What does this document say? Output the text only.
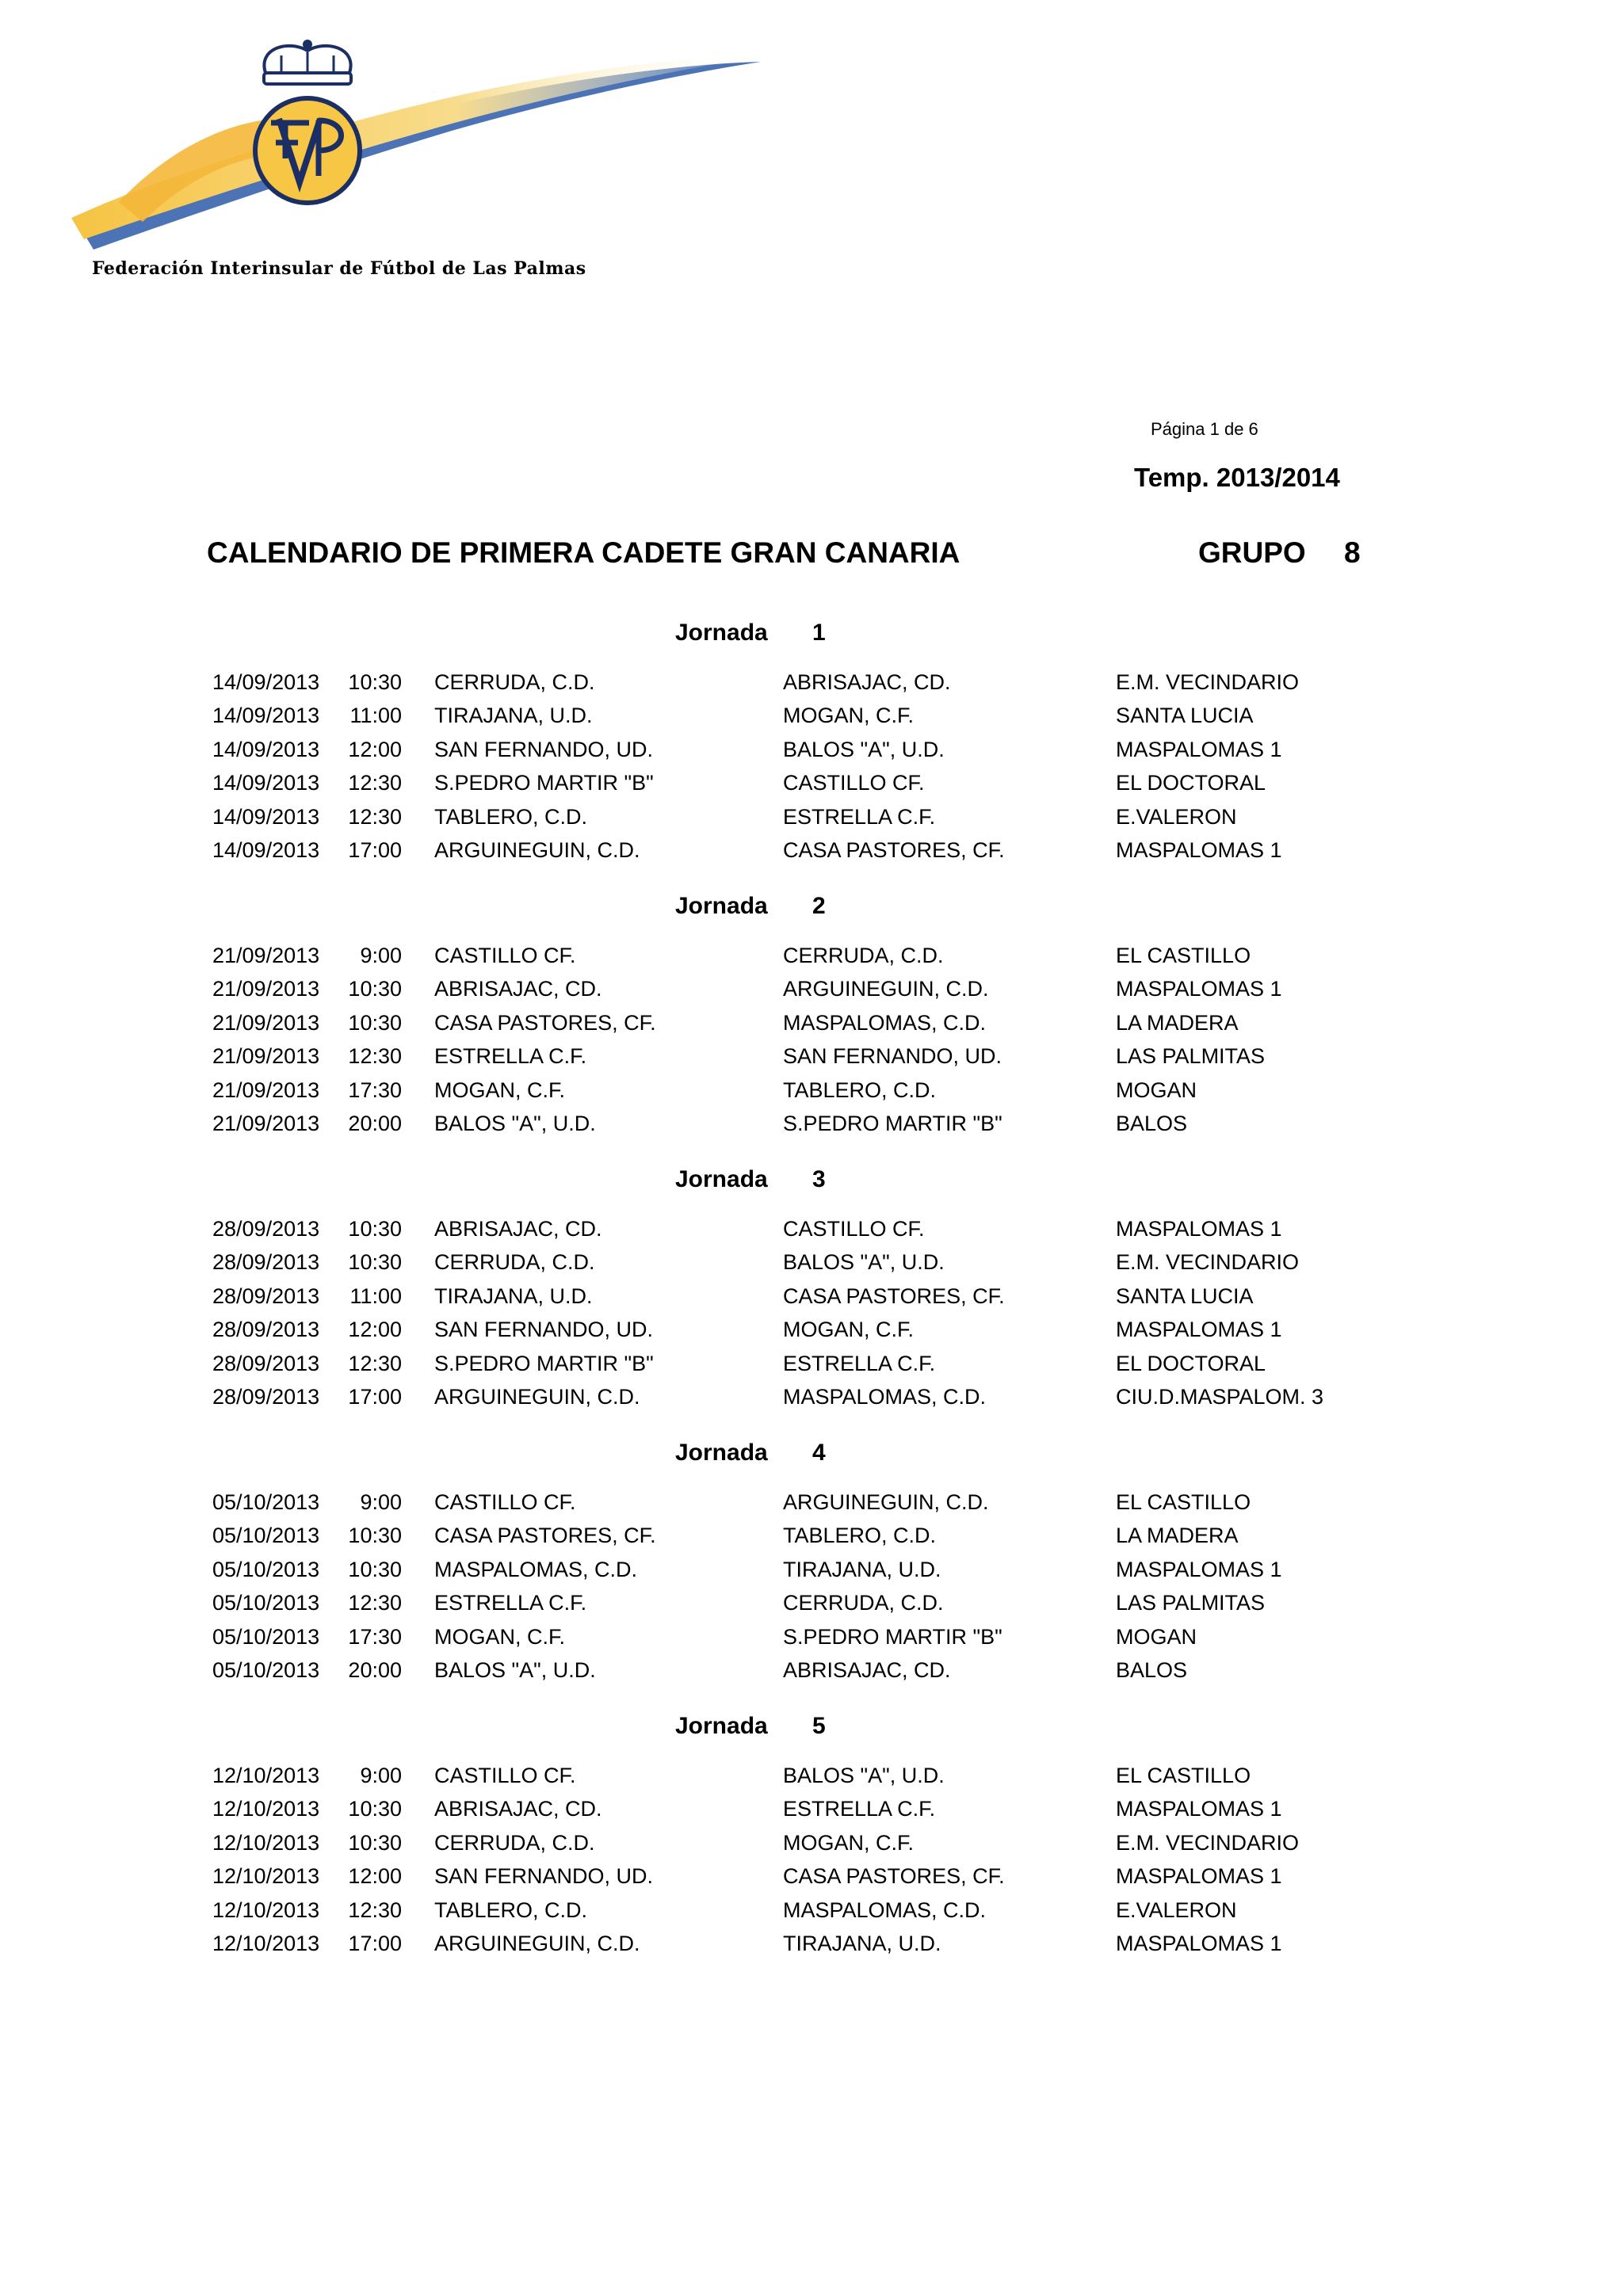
Federación Interinsular de Fútbol de Las Palmas
Página 1 de 6
Temp. 2013/2014
CALENDARIO DE PRIMERA CADETE GRAN CANARIA	GRUPO 8
Jornada 1
14/09/2013	10:30 CERRUDA, C.D.	ABRISAJAC, CD.	E.M. VECINDARIO
14/09/2013	11:00 TIRAJANA, U.D.	MOGAN, C.F.	SANTA LUCIA
14/09/2013	12:00 SAN FERNANDO, UD.	BALOS "A", U.D.	MASPALOMAS 1
14/09/2013	12:30 S.PEDRO MARTIR "B"	CASTILLO CF.	EL DOCTORAL
14/09/2013	12:30 TABLERO, C.D.	ESTRELLA C.F.	E.VALERON
14/09/2013	17:00 ARGUINEGUIN, C.D.	CASA PASTORES, CF.	MASPALOMAS 1
Jornada 2
21/09/2013	9:00 CASTILLO CF.	CERRUDA, C.D.	EL CASTILLO
21/09/2013	10:30 ABRISAJAC, CD.	ARGUINEGUIN, C.D.	MASPALOMAS 1
21/09/2013	10:30 CASA PASTORES, CF.	MASPALOMAS, C.D.	LA MADERA
21/09/2013	12:30 ESTRELLA C.F.	SAN FERNANDO, UD.	LAS PALMITAS
21/09/2013	17:30 MOGAN, C.F.	TABLERO, C.D.	MOGAN
21/09/2013	20:00 BALOS "A", U.D.	S.PEDRO MARTIR "B"	BALOS
Jornada 3
28/09/2013	10:30 ABRISAJAC, CD.	CASTILLO CF.	MASPALOMAS 1
28/09/2013	10:30 CERRUDA, C.D.	BALOS "A", U.D.	E.M. VECINDARIO
28/09/2013	11:00 TIRAJANA, U.D.	CASA PASTORES, CF.	SANTA LUCIA
28/09/2013	12:00 SAN FERNANDO, UD.	MOGAN, C.F.	MASPALOMAS 1
28/09/2013	12:30 S.PEDRO MARTIR "B"	ESTRELLA C.F.	EL DOCTORAL
28/09/2013	17:00 ARGUINEGUIN, C.D.	MASPALOMAS, C.D.	CIU.D.MASPALOM. 3
Jornada 4
05/10/2013	9:00 CASTILLO CF.	ARGUINEGUIN, C.D.	EL CASTILLO
05/10/2013	10:30 CASA PASTORES, CF.	TABLERO, C.D.	LA MADERA
05/10/2013	10:30 MASPALOMAS, C.D.	TIRAJANA, U.D.	MASPALOMAS 1
05/10/2013	12:30 ESTRELLA C.F.	CERRUDA, C.D.	LAS PALMITAS
05/10/2013	17:30 MOGAN, C.F.	S.PEDRO MARTIR "B"	MOGAN
05/10/2013	20:00 BALOS "A", U.D.	ABRISAJAC, CD.	BALOS
Jornada 5
12/10/2013	9:00 CASTILLO CF.	BALOS "A", U.D.	EL CASTILLO
12/10/2013	10:30 ABRISAJAC, CD.	ESTRELLA C.F.	MASPALOMAS 1
12/10/2013	10:30 CERRUDA, C.D.	MOGAN, C.F.	E.M. VECINDARIO
12/10/2013	12:00 SAN FERNANDO, UD.	CASA PASTORES, CF.	MASPALOMAS 1
12/10/2013	12:30 TABLERO, C.D.	MASPALOMAS, C.D.	E.VALERON
12/10/2013	17:00 ARGUINEGUIN, C.D.	TIRAJANA, U.D.	MASPALOMAS 1
